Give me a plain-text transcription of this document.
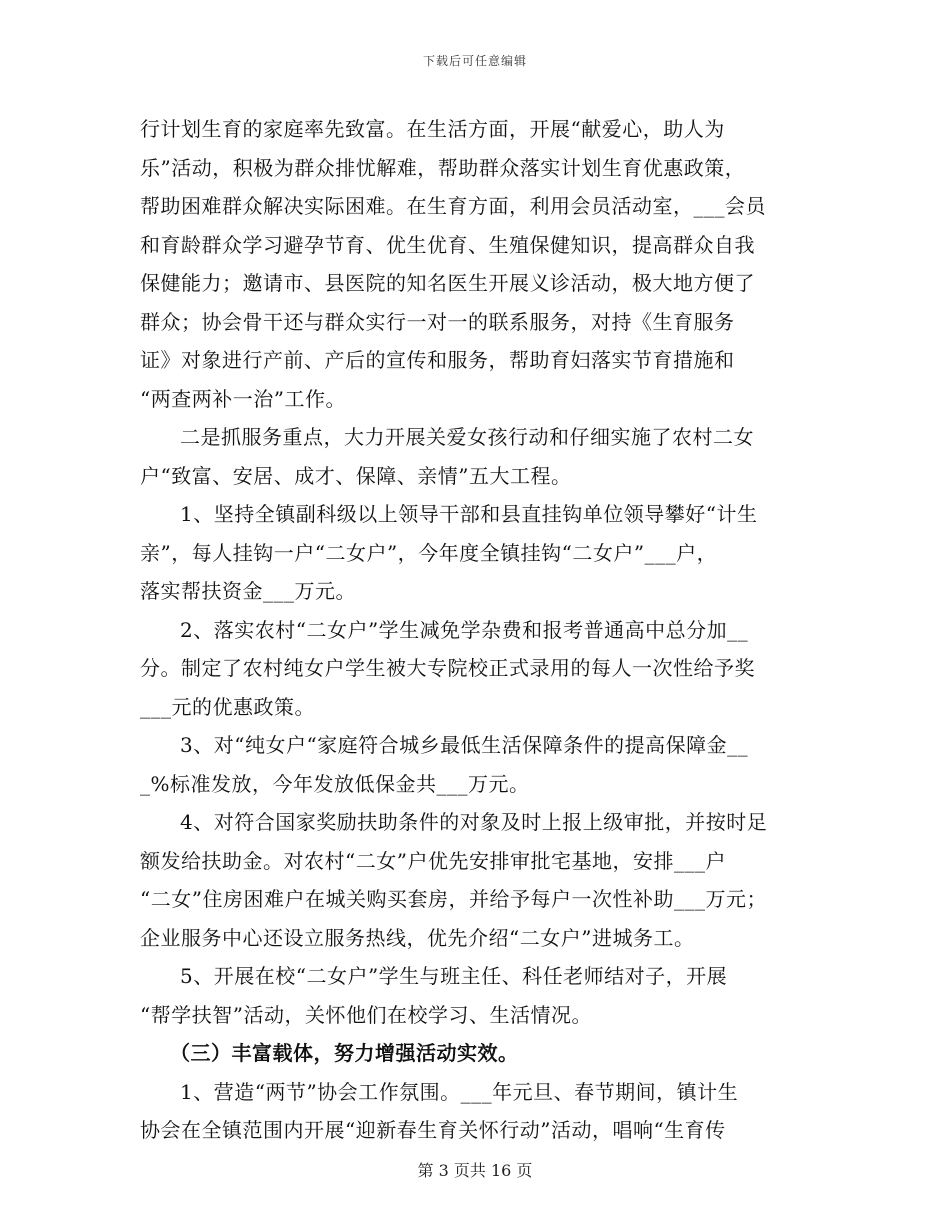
下载后可任意编辑
行计划生育的家庭率先致富。在生活方面，开展“献爱心，助人为
乐”活动，积极为群众排忧解难，帮助群众落实计划生育优惠政策，
帮助困难群众解决实际困难。在生育方面，利用会员活动室，___会员
和育龄群众学习避孕节育、优生优育、生殖保健知识，提高群众自我
保健能力；邀请市、县医院的知名医生开展义诊活动，极大地方便了
群众；协会骨干还与群众实行一对一的联系服务，对持《生育服务
证》对象进行产前、产后的宣传和服务，帮助育妇落实节育措施和
“两查两补一治”工作。
二是抓服务重点，大力开展关爱女孩行动和仔细实施了农村二女
户“致富、安居、成才、保障、亲情”五大工程。
1、坚持全镇副科级以上领导干部和县直挂钩单位领导攀好“计生
亲”，每人挂钩一户“二女户”，今年度全镇挂钩“二女户”___户，
落实帮扶资金___万元。
2、落实农村“二女户”学生减免学杂费和报考普通高中总分加__
分。制定了农村纯女户学生被大专院校正式录用的每人一次性给予奖
___元的优惠政策。
3、对“纯女户“家庭符合城乡最低生活保障条件的提高保障金__
_%标准发放，今年发放低保金共___万元。
4、对符合国家奖励扶助条件的对象及时上报上级审批，并按时足
额发给扶助金。对农村“二女”户优先安排审批宅基地，安排___户
“二女”住房困难户在城关购买套房，并给予每户一次性补助___万元；
企业服务中心还设立服务热线，优先介绍“二女户”进城务工。
5、开展在校“二女户”学生与班主任、科任老师结对子，开展
“帮学扶智”活动，关怀他们在校学习、生活情况。
（三）丰富载体，努力增强活动实效。
1、营造“两节”协会工作氛围。___年元旦、春节期间，镇计生
协会在全镇范围内开展“迎新春生育关怀行动”活动，唱响“生育传
第 3 页共 16 页
